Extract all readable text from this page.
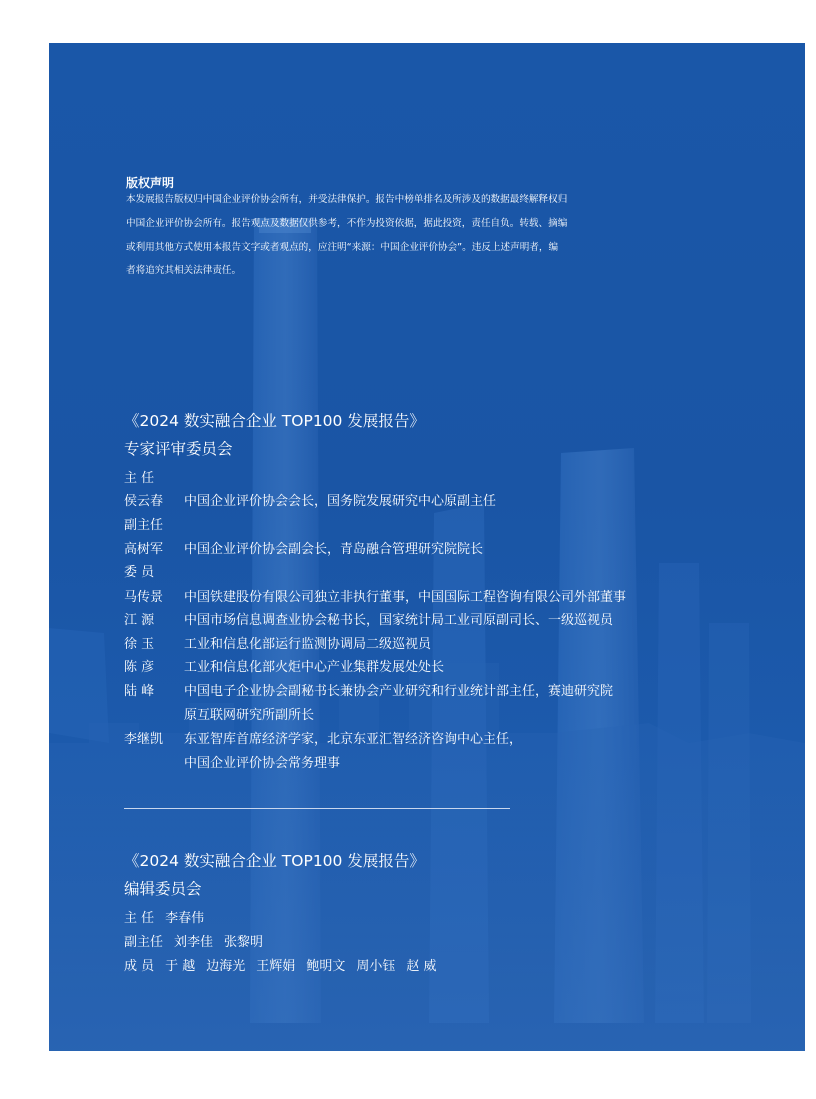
版权声明
本发展报告版权归中国企业评价协会所有，并受法律保护。报告中榜单排名及所涉及的数据最终解释权归
中国企业评价协会所有。报告观点及数据仅供参考，不作为投资依据，据此投资，责任自负。转载、摘编
或利用其他方式使用本报告文字或者观点的，应注明“来源：中国企业评价协会”。违反上述声明者，编
者将追究其相关法律责任。
《2024 数实融合企业 TOP100 发展报告》
专家评审委员会
主 任
侯云春 中国企业评价协会会长，国务院发展研究中心原副主任
副主任
高树军 中国企业评价协会副会长，青岛融合管理研究院院长
委 员
马传景 中国铁建股份有限公司独立非执行董事，中国国际工程咨询有限公司外部董事
江 源 中国市场信息调查业协会秘书长，国家统计局工业司原副司长、一级巡视员
徐 玉 工业和信息化部运行监测协调局二级巡视员
陈 彦 工业和信息化部火炬中心产业集群发展处处长
陆 峰 中国电子企业协会副秘书长兼协会产业研究和行业统计部主任，赛迪研究院
原互联网研究所副所长
李继凯 东亚智库首席经济学家，北京东亚汇智经济咨询中心主任，
中国企业评价协会常务理事
《2024 数实融合企业 TOP100 发展报告》
编辑委员会
主 任 李春伟
副主任 刘李佳 张黎明
成 员 于 越 边海光 王辉娟 鲍明文 周小钰 赵 威
